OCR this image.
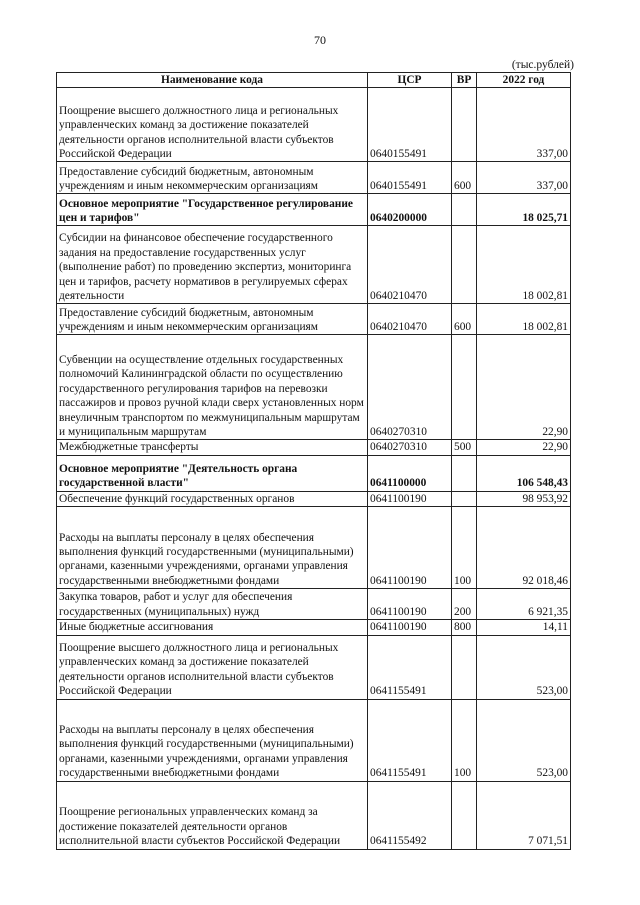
70
(тыс.рублей)
Наименование кода	ЦСР	ВР	2022 год
Поощрение высшего должностного лица и региональных управленческих команд за достижение показателей деятельности органов исполнительной власти субъектов Российской Федерации	0640155491		337,00
Предоставление субсидий бюджетным, автономным учреждениям и иным некоммерческим организациям	0640155491	600	337,00
Основное мероприятие "Государственное регулирование цен и тарифов"	0640200000		18 025,71
Субсидии на финансовое обеспечение государственного задания на предоставление государственных услуг (выполнение работ) по проведению экспертиз, мониторинга цен и тарифов, расчету нормативов в регулируемых сферах деятельности	0640210470		18 002,81
Предоставление субсидий бюджетным, автономным учреждениям и иным некоммерческим организациям	0640210470	600	18 002,81
Субвенции на осуществление отдельных государственных полномочий Калининградской области по осуществлению государственного регулирования тарифов на перевозки пассажиров и провоз ручной клади сверх установленных норм внеуличным транспортом по межмуниципальным маршрутам и муниципальным маршрутам	0640270310		22,90
Межбюджетные трансферты	0640270310	500	22,90
Основное мероприятие "Деятельность органа государственной власти"	0641100000		106 548,43
Обеспечение функций государственных органов	0641100190		98 953,92
Расходы на выплаты персоналу в целях обеспечения выполнения функций государственными (муниципальными) органами, казенными учреждениями, органами управления государственными внебюджетными фондами	0641100190	100	92 018,46
Закупка товаров, работ и услуг для обеспечения государственных (муниципальных) нужд	0641100190	200	6 921,35
Иные бюджетные ассигнования	0641100190	800	14,11
Поощрение высшего должностного лица и региональных управленческих команд за достижение показателей деятельности органов исполнительной власти субъектов Российской Федерации	0641155491		523,00
Расходы на выплаты персоналу в целях обеспечения выполнения функций государственными (муниципальными) органами, казенными учреждениями, органами управления государственными внебюджетными фондами	0641155491	100	523,00
Поощрение региональных управленческих команд за достижение показателей деятельности органов исполнительной власти субъектов Российской Федерации	0641155492		7 071,51
